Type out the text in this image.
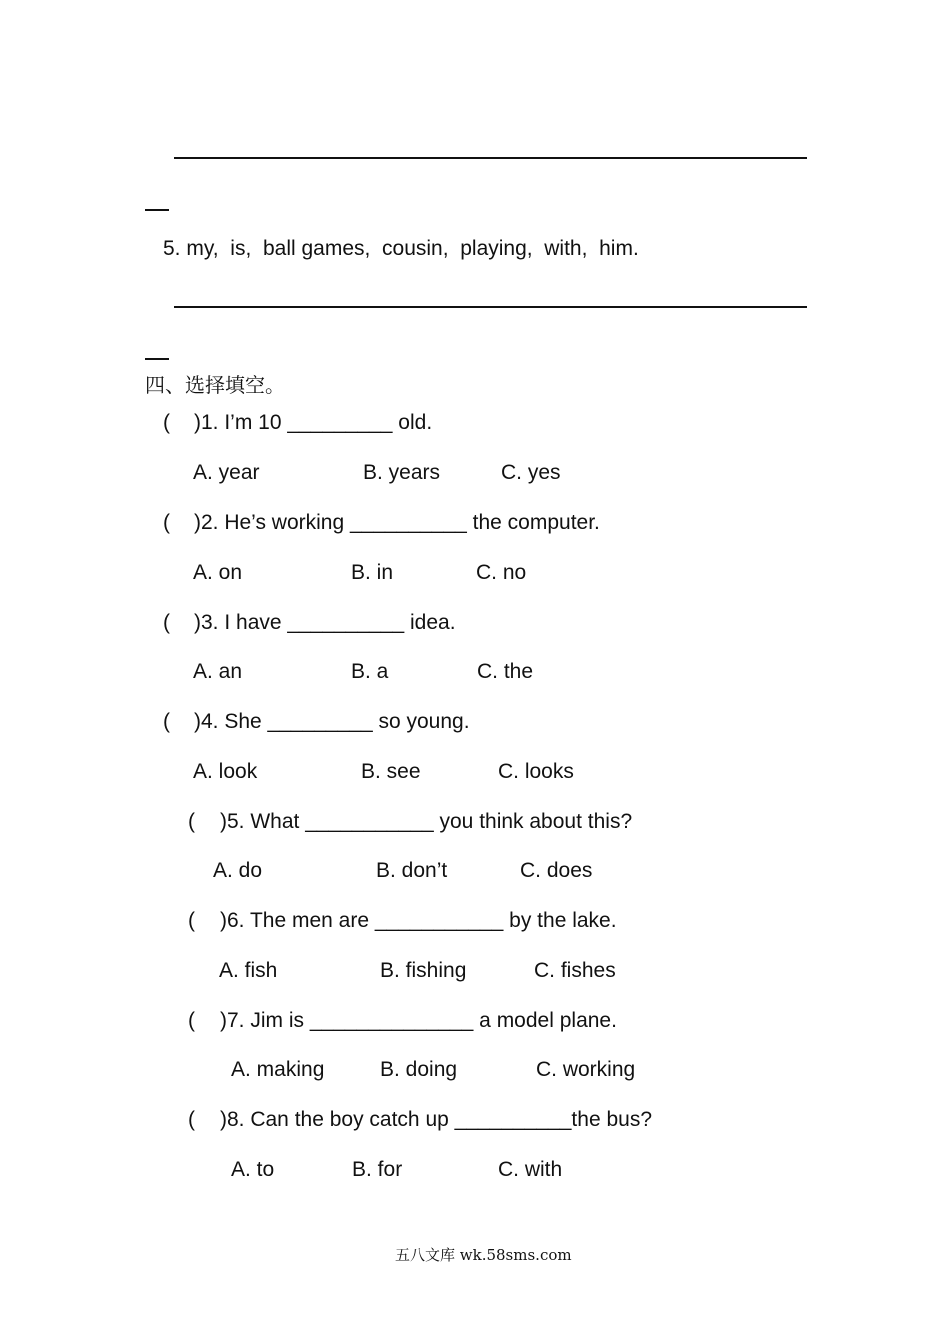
5. my,  is,  ball games,  cousin,  playing,  with,  him.
四、选择填空。
( )1. I’m 10 _________ old.
A. year	B. years	C. yes
( )2. He’s working __________ the computer.
A. on	B. in	C. no
( )3. I have __________ idea.
A. an	B. a	C. the
( )4. She _________ so young.
A. look	B. see	C. looks
( )5. What ___________ you think about this?
A. do	B. don’t	C. does
( )6. The men are ___________ by the lake.
A. fish	B. fishing	C. fishes
( )7. Jim is ______________ a model plane.
A. making	B. doing	C. working
( )8. Can the boy catch up __________the bus?
A. to	B. for	C. with
五八文库 wk.58sms.com
